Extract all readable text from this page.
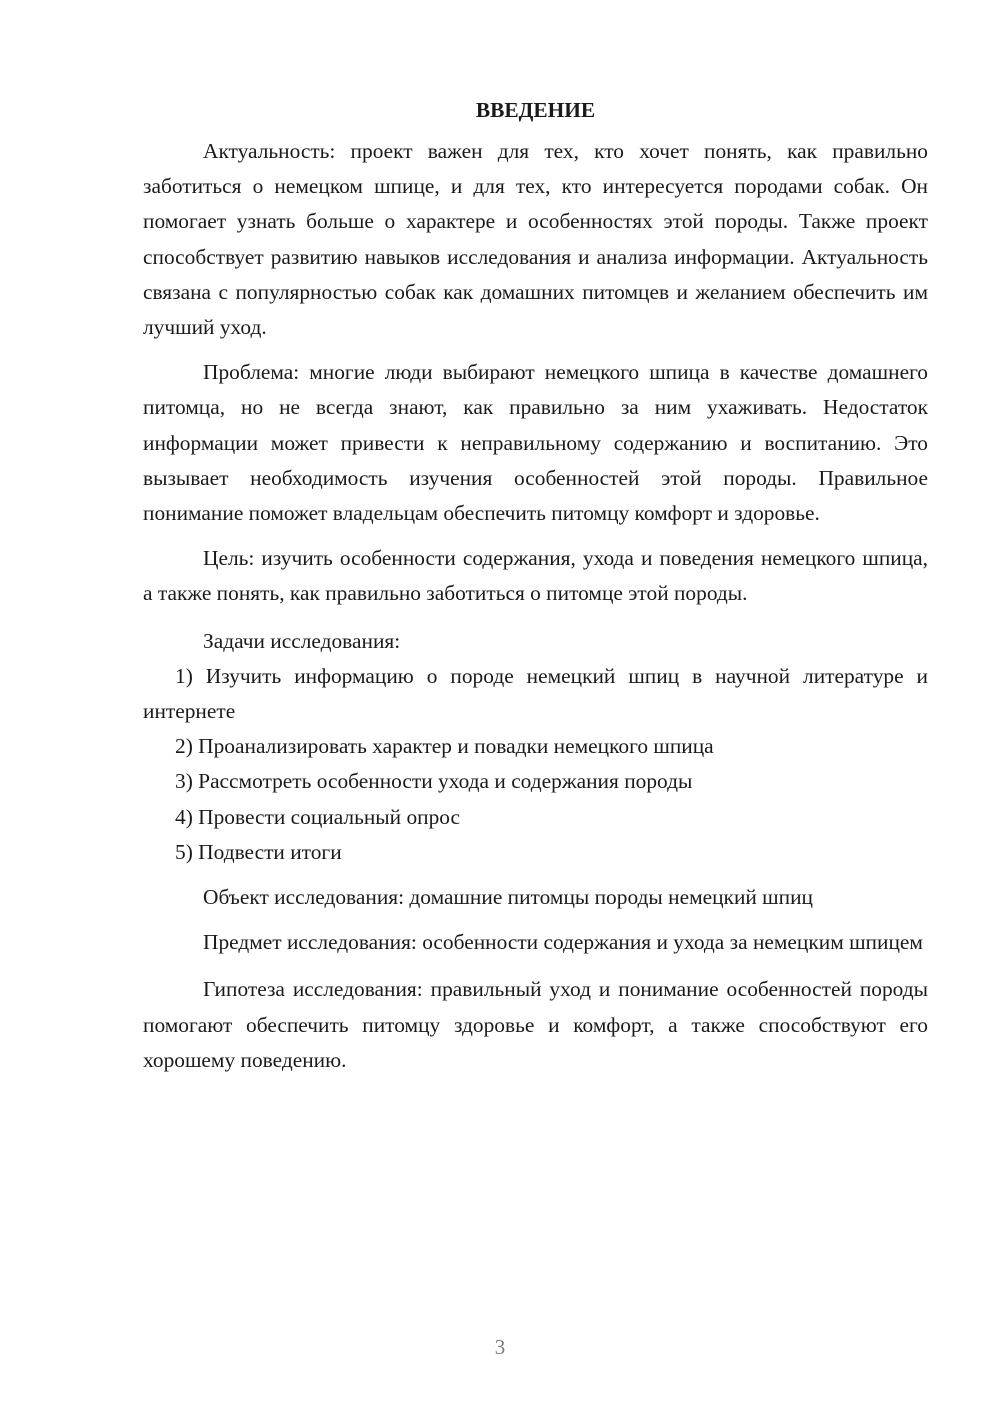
ВВЕДЕНИЕ

Актуальность: проект важен для тех, кто хочет понять, как правильно заботиться о немецком шпице, и для тех, кто интересуется породами собак. Он помогает узнать больше о характере и особенностях этой породы. Также проект способствует развитию навыков исследования и анализа информации. Актуальность связана с популярностью собак как домашних питомцев и желанием обеспечить им лучший уход.

Проблема: многие люди выбирают немецкого шпица в качестве домашнего питомца, но не всегда знают, как правильно за ним ухаживать. Недостаток информации может привести к неправильному содержанию и воспитанию. Это вызывает необходимость изучения особенностей этой породы. Правильное понимание поможет владельцам обеспечить питомцу комфорт и здоровье.

Цель: изучить особенности содержания, ухода и поведения немецкого шпица, а также понять, как правильно заботиться о питомце этой породы.

Задачи исследования:

1) Изучить информацию о породе немецкий шпиц в научной литературе и интернете

2) Проанализировать характер и повадки немецкого шпица

3) Рассмотреть особенности ухода и содержания породы

4) Провести социальный опрос

5) Подвести итоги

Объект исследования: домашние питомцы породы немецкий шпиц

Предмет исследования: особенности содержания и ухода за немецким шпицем

Гипотеза исследования: правильный уход и понимание особенностей породы помогают обеспечить питомцу здоровье и комфорт, а также способствуют его хорошему поведению.

3
